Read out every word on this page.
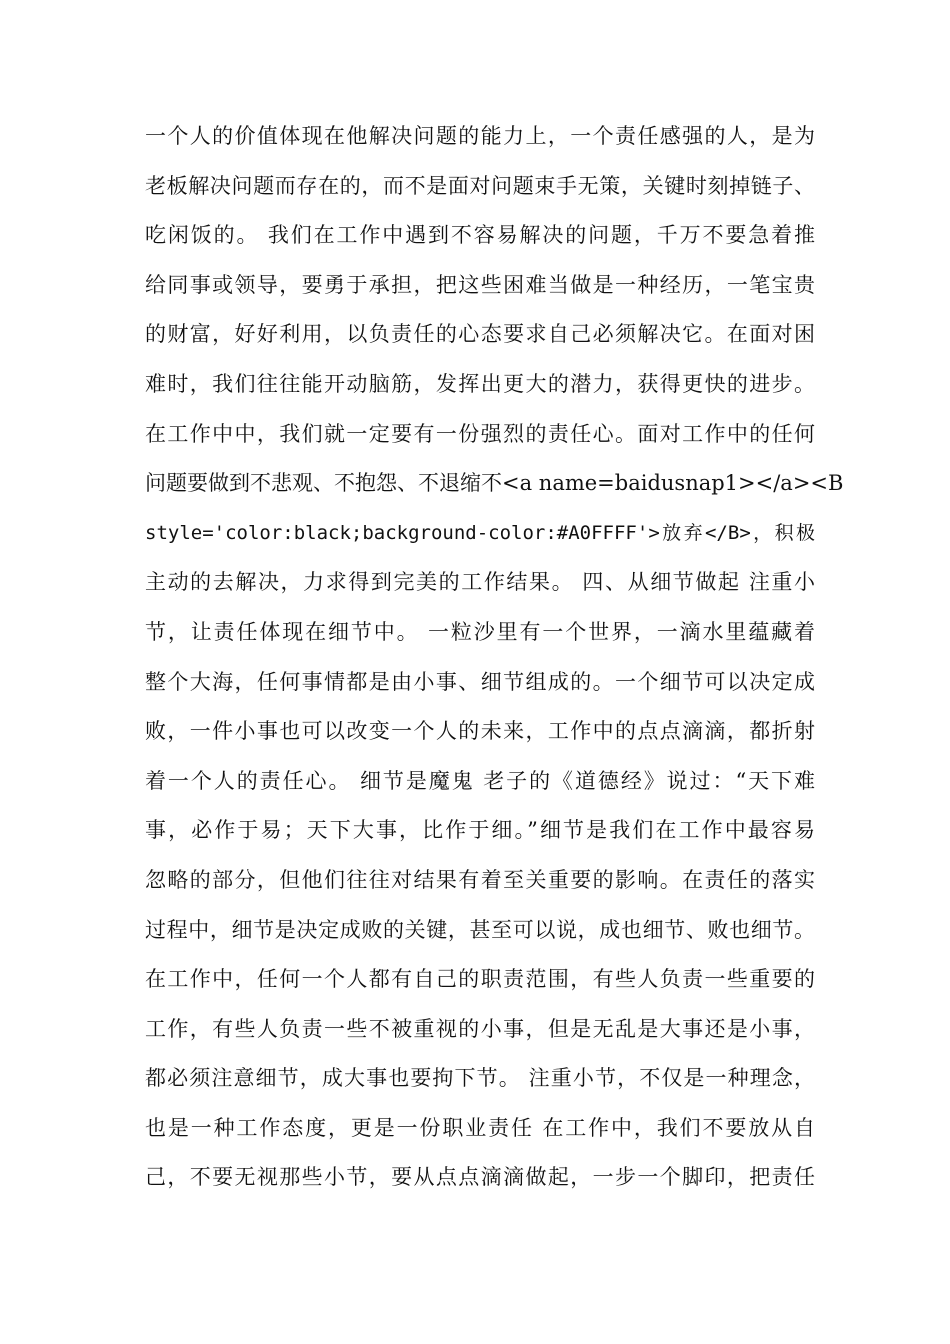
一个人的价值体现在他解决问题的能力上，一个责任感强的人，是为
老板解决问题而存在的，而不是面对问题束手无策，关键时刻掉链子、
吃闲饭的。 我们在工作中遇到不容易解决的问题，千万不要急着推
给同事或领导，要勇于承担，把这些困难当做是一种经历，一笔宝贵
的财富，好好利用，以负责任的心态要求自己必须解决它。在面对困
难时，我们往往能开动脑筋，发挥出更大的潜力，获得更快的进步。
在工作中中，我们就一定要有一份强烈的责任心。面对工作中的任何
问题要做到不悲观、不抱怨、不退缩不<a name=baidusnap1></a><B
style='color:black;background-color:#A0FFFF'>放弃</B>，积极
主动的去解决，力求得到完美的工作结果。 四、从细节做起 注重小
节，让责任体现在细节中。 一粒沙里有一个世界，一滴水里蕴藏着
整个大海，任何事情都是由小事、细节组成的。一个细节可以决定成
败，一件小事也可以改变一个人的未来，工作中的点点滴滴，都折射
着一个人的责任心。 细节是魔鬼 老子的《道德经》说过：“天下难
事，必作于易；天下大事，比作于细。”细节是我们在工作中最容易
忽略的部分，但他们往往对结果有着至关重要的影响。在责任的落实
过程中，细节是决定成败的关键，甚至可以说，成也细节、败也细节。
在工作中，任何一个人都有自己的职责范围，有些人负责一些重要的
工作，有些人负责一些不被重视的小事，但是无乱是大事还是小事，
都必须注意细节，成大事也要拘下节。 注重小节，不仅是一种理念，
也是一种工作态度，更是一份职业责任 在工作中，我们不要放从自
己，不要无视那些小节，要从点点滴滴做起，一步一个脚印，把责任
